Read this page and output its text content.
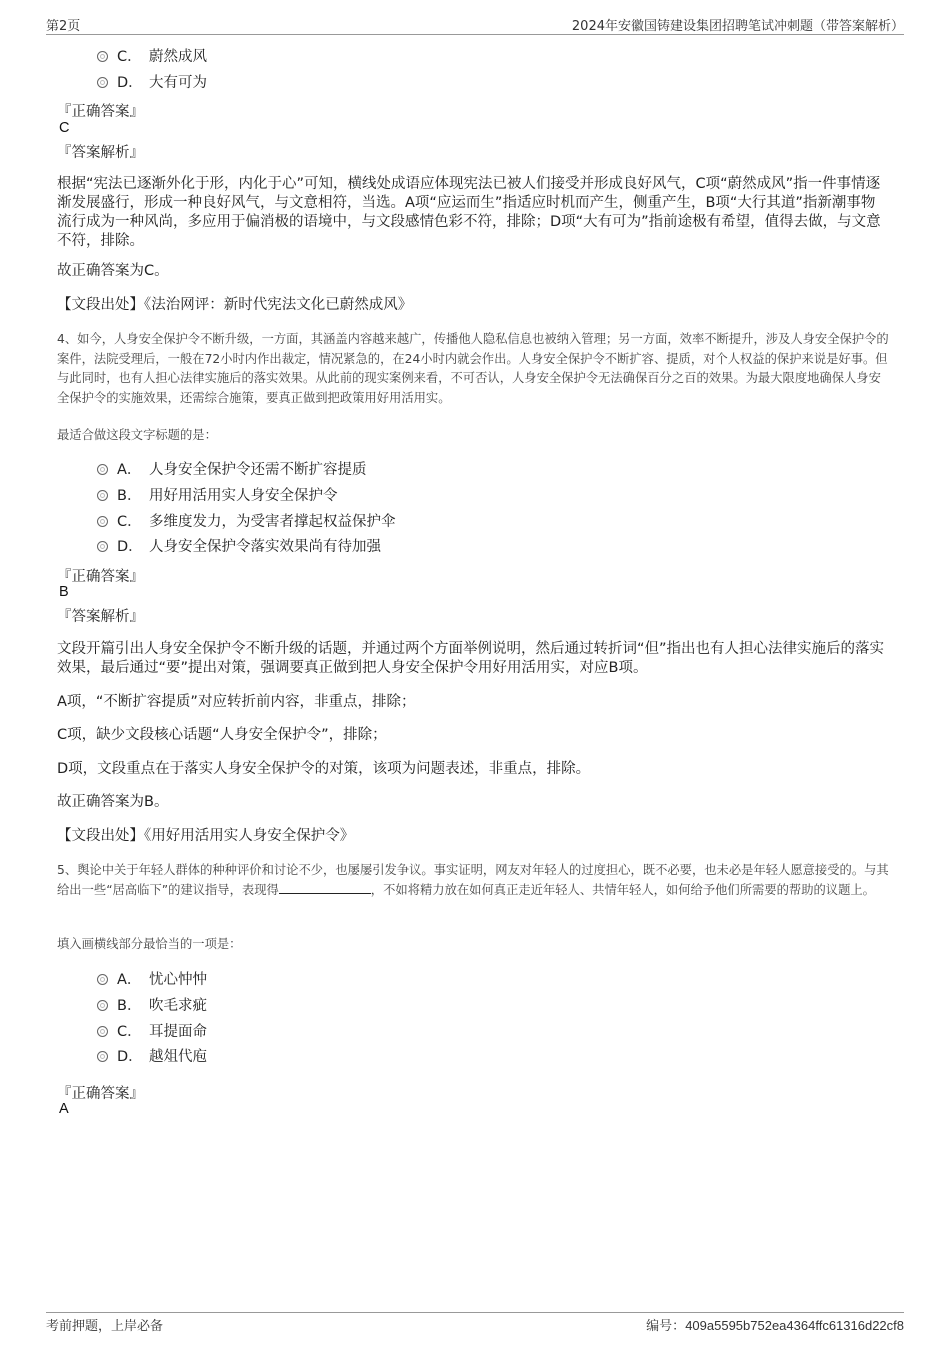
第2页	2024年安徽国铸建设集团招聘笔试冲刺题（带答案解析）
C． 蔚然成风
D． 大有可为
『正确答案』
C
『答案解析』
根据“宪法已逐渐外化于形，内化于心”可知，横线处成语应体现宪法已被人们接受并形成良好风气，C项“蔚然成风”指一件事情逐渐发展盛行，形成一种良好风气，与文意相符，当选。A项“应运而生”指适应时机而产生，侧重产生，B项“大行其道”指新潮事物流行成为一种风尚，多应用于偏消极的语境中，与文段感情色彩不符，排除；D项“大有可为”指前途极有希望，值得去做，与文意不符，排除。
故正确答案为C。
【文段出处】《法治网评：新时代宪法文化已蔚然成风》
4、如今，人身安全保护令不断升级，一方面，其涵盖内容越来越广，传播他人隐私信息也被纳入管理；另一方面，效率不断提升，涉及人身安全保护令的案件，法院受理后，一般在72小时内作出裁定，情况紧急的，在24小时内就会作出。人身安全保护令不断扩容、提质，对个人权益的保护来说是好事。但与此同时，也有人担心法律实施后的落实效果。从此前的现实案例来看，不可否认，人身安全保护令无法确保百分之百的效果。为最大限度地确保人身安全保护令的实施效果，还需综合施策，要真正做到把政策用好用活用实。
最适合做这段文字标题的是：
A． 人身安全保护令还需不断扩容提质
B． 用好用活用实人身安全保护令
C． 多维度发力，为受害者撑起权益保护伞
D． 人身安全保护令落实效果尚有待加强
『正确答案』
B
『答案解析』
文段开篇引出人身安全保护令不断升级的话题，并通过两个方面举例说明，然后通过转折词“但”指出也有人担心法律实施后的落实效果，最后通过“要”提出对策，强调要真正做到把人身安全保护令用好用活用实，对应B项。
A项，“不断扩容提质”对应转折前内容，非重点，排除；
C项，缺少文段核心话题“人身安全保护令”，排除；
D项，文段重点在于落实人身安全保护令的对策，该项为问题表述，非重点，排除。
故正确答案为B。
【文段出处】《用好用活用实人身安全保护令》
5、舆论中关于年轻人群体的种种评价和讨论不少，也屡屡引发争议。事实证明，网友对年轻人的过度担心，既不必要，也未必是年轻人愿意接受的。与其给出一些“居高临下”的建议指导，表现得	，不如将精力放在如何真正走近年轻人、共情年轻人，如何给予他们所需要的帮助的议题上。
填入画横线部分最恰当的一项是：
A． 忧心忡忡
B． 吹毛求疵
C． 耳提面命
D． 越俎代庖
『正确答案』
A
考前押题，上岸必备	编号：409a5595b752ea4364ffc61316d22cf8
